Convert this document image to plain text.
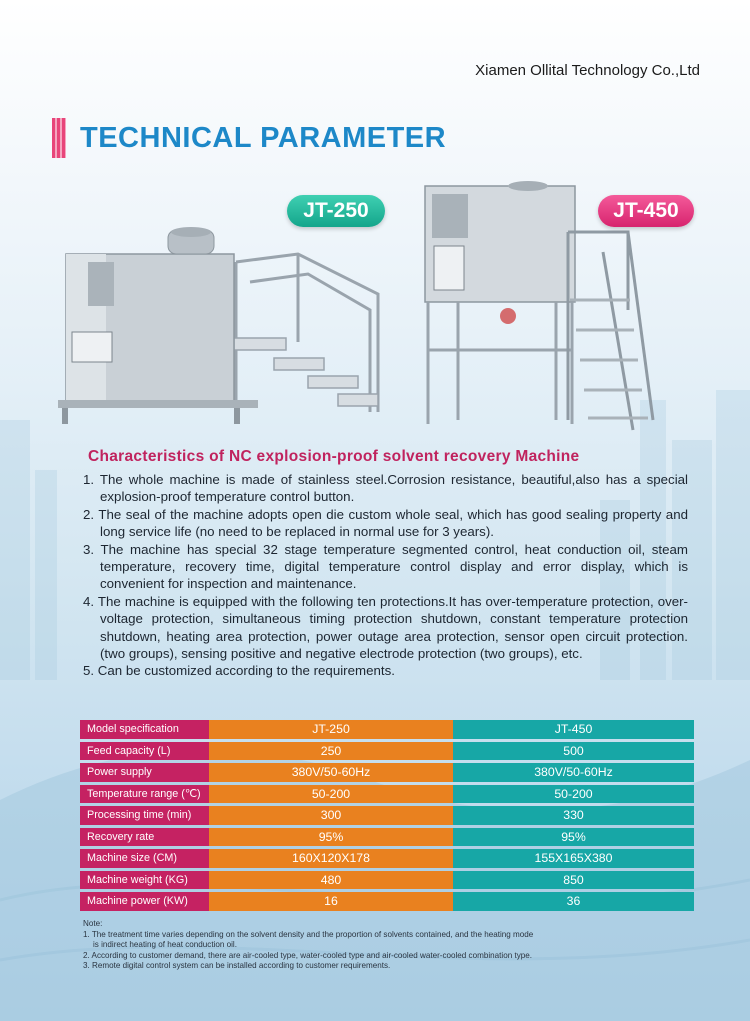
Xiamen Ollital Technology Co.,Ltd
TECHNICAL PARAMETER
JT-250	JT-450
Characteristics of NC explosion-proof solvent recovery Machine
1. The whole machine is made of stainless steel.Corrosion resistance, beautiful,also has a special explosion-proof temperature control button.
2. The seal of the machine adopts open die custom whole seal, which has good sealing property and long service life (no need to be replaced in normal use for 3 years).
3. The machine has special 32 stage temperature segmented control, heat conduction oil, steam temperature, recovery time, digital temperature control display and error display, which is convenient for inspection and maintenance.
4. The machine is equipped with the following ten protections.It has over-temperature protection, over-voltage protection, simultaneous timing protection shutdown, constant temperature protection shutdown, heating area protection, power outage area protection, sensor open circuit protection.(two groups), sensing positive and negative electrode protection (two groups), etc.
5. Can be customized according to the requirements.
Model specification	JT-250	JT-450
Feed capacity (L)	250	500
Power supply	380V/50-60Hz	380V/50-60Hz
Temperature range (℃)	50-200	50-200
Processing time (min)	300	330
Recovery rate	95%	95%
Machine size (CM)	160X120X178	155X165X380
Machine weight (KG)	480	850
Machine power (KW)	16	36
Note:
1. The treatment time varies depending on the solvent density and the proportion of solvents contained, and the heating mode
is indirect heating of heat conduction oil.
2. According to customer demand, there are air-cooled type, water-cooled type and air-cooled water-cooled combination type.
3. Remote digital control system can be installed according to customer requirements.
